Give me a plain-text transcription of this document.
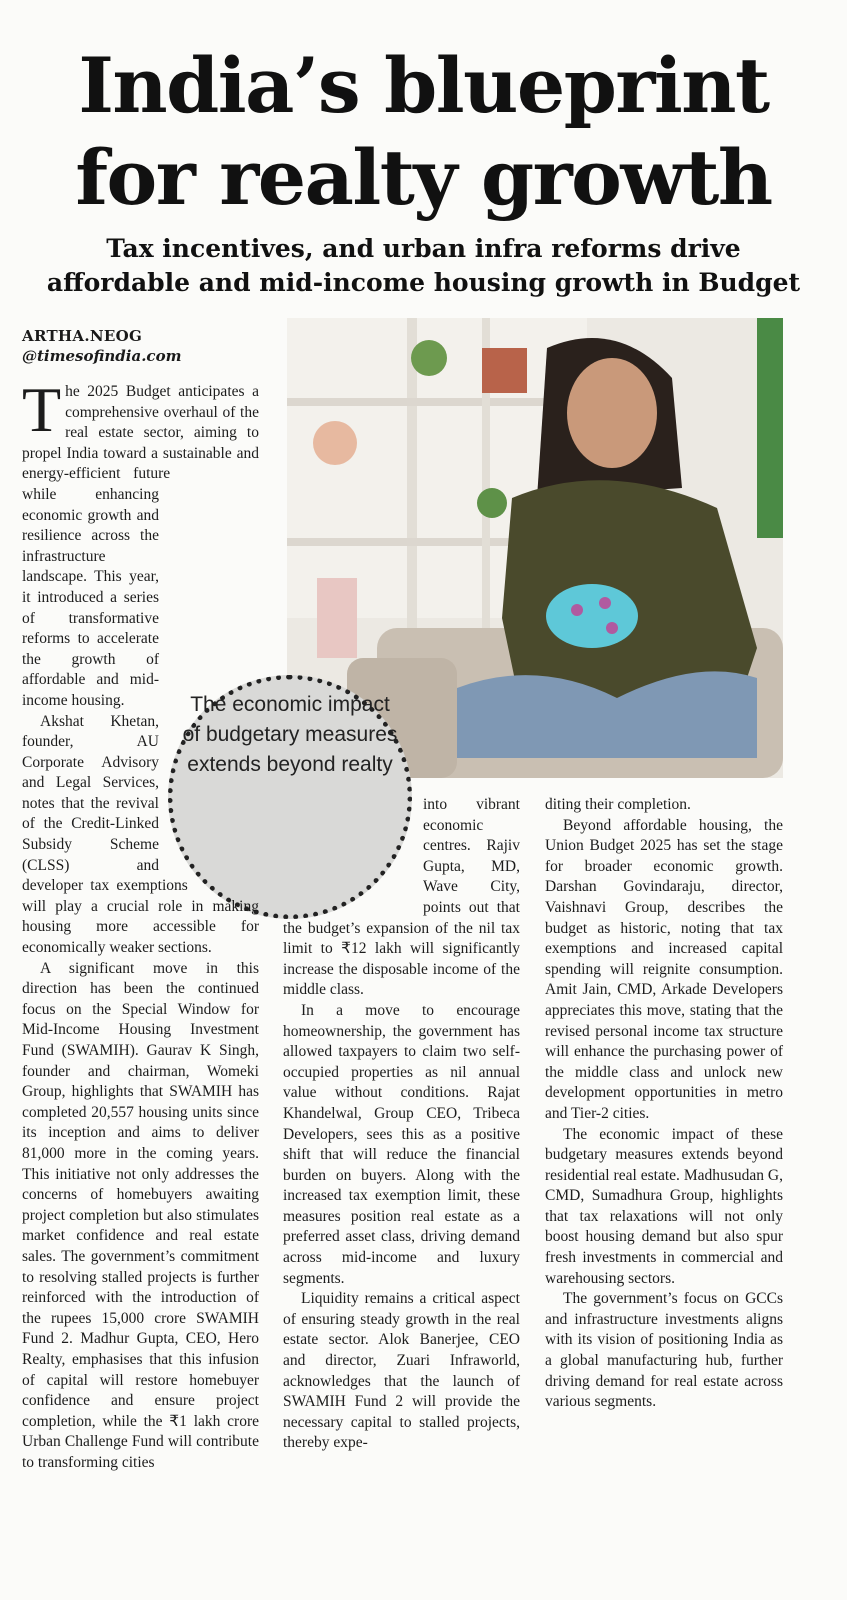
India’s blueprint
for realty growth
Tax incentives, and urban infra reforms drive
affordable and mid-income housing growth in Budget
ARTHA.NEOG
@timesofindia.com
The economic impact of budgetary measures extends beyond realty

The 2025 Budget anticipates a comprehensive overhaul of the real estate sector, aiming to propel India toward a sustainable and energy-efficient future while enhancing economic growth and resilience across the infrastructure landscape. This year, it introduced a series of transformative reforms to accelerate the growth of affordable and mid-income housing.

Akshat Khetan, founder, AU Corporate Advisory and Legal Services, notes that the revival of the Credit-Linked Subsidy Scheme (CLSS) and developer tax exemptions will play a crucial role in making housing more accessible for economically weaker sections.

A significant move in this direction has been the continued focus on the Special Window for Mid-Income Housing Investment Fund (SWAMIH). Gaurav K Singh, founder and chairman, Womeki Group, highlights that SWAMIH has completed 20,557 housing units since its inception and aims to deliver 81,000 more in the coming years. This initiative not only addresses the concerns of homebuyers awaiting project completion but also stimulates market confidence and real estate sales. The government’s commitment to resolving stalled projects is further reinforced with the introduction of the rupees 15,000 crore SWAMIH Fund 2. Madhur Gupta, CEO, Hero Realty, emphasises that this infusion of capital will restore homebuyer confidence and ensure project completion, while the ₹1 lakh crore Urban Challenge Fund will contribute to transforming cities

into vibrant economic centres. Rajiv Gupta, MD, Wave City, points out that the budget’s expansion of the nil tax limit to ₹12 lakh will significantly increase the disposable income of the middle class.

In a move to encourage homeownership, the government has allowed taxpayers to claim two self-occupied properties as nil annual value without conditions. Rajat Khandelwal, Group CEO, Tribeca Developers, sees this as a positive shift that will reduce the financial burden on buyers. Along with the increased tax exemption limit, these measures position real estate as a preferred asset class, driving demand across mid-income and luxury segments.

Liquidity remains a critical aspect of ensuring steady growth in the real estate sector. Alok Banerjee, CEO and director, Zuari Infraworld, acknowledges that the launch of SWAMIH Fund 2 will provide the necessary capital to stalled projects, thereby expe-

diting their completion.

Beyond affordable housing, the Union Budget 2025 has set the stage for broader economic growth. Darshan Govindaraju, director, Vaishnavi Group, describes the budget as historic, noting that tax exemptions and increased capital spending will reignite consumption. Amit Jain, CMD, Arkade Developers appreciates this move, stating that the revised personal income tax structure will enhance the purchasing power of the middle class and unlock new development opportunities in metro and Tier-2 cities.

The economic impact of these budgetary measures extends beyond residential real estate. Madhusudan G, CMD, Sumadhura Group, highlights that tax relaxations will not only boost housing demand but also spur fresh investments in commercial and warehousing sectors.

The government’s focus on GCCs and infrastructure investments aligns with its vision of positioning India as a global manufacturing hub, further driving demand for real estate across various segments.
